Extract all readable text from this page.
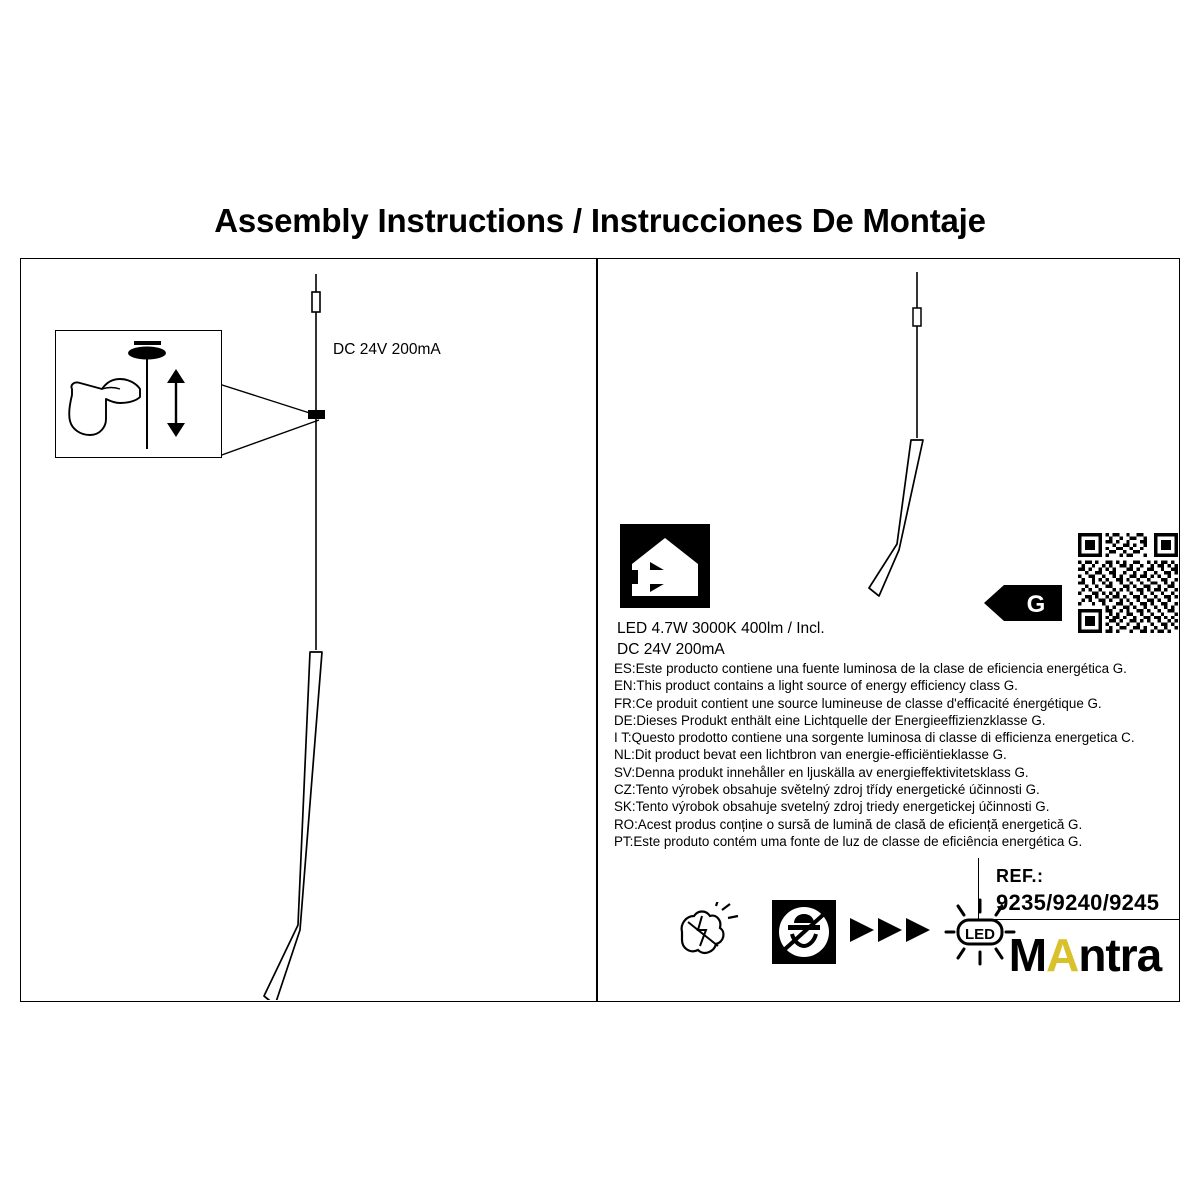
Assembly Instructions / Instrucciones De Montaje
DC 24V 200mA
G
LED 4.7W 3000K 400lm / Incl.
DC 24V 200mA
ES:Este producto contiene una fuente luminosa de la clase de eficiencia energética G.
EN:This product contains a light source of energy efficiency class G.
FR:Ce produit contient une source lumineuse de classe d'efficacité énergétique G.
DE:Dieses Produkt enthält eine Lichtquelle der Energieeffizienzklasse G.
I T:Questo prodotto contiene una sorgente luminosa di classe di efficienza energetica C.
NL:Dit product bevat een lichtbron van energie-efficiëntieklasse G.
SV:Denna produkt innehåller en ljuskälla av energieffektivitetsklass G.
CZ:Tento výrobek obsahuje světelný zdroj třídy energetické účinnosti G.
SK:Tento výrobok obsahuje svetelný zdroj triedy energetickej účinnosti G.
RO:Acest produs conține o sursă de lumină de clasă de eficiență energetică G.
PT:Este produto contém uma fonte de luz de classe de eficiência energética G.
LED
REF.:
9235/9240/9245
MAntra
